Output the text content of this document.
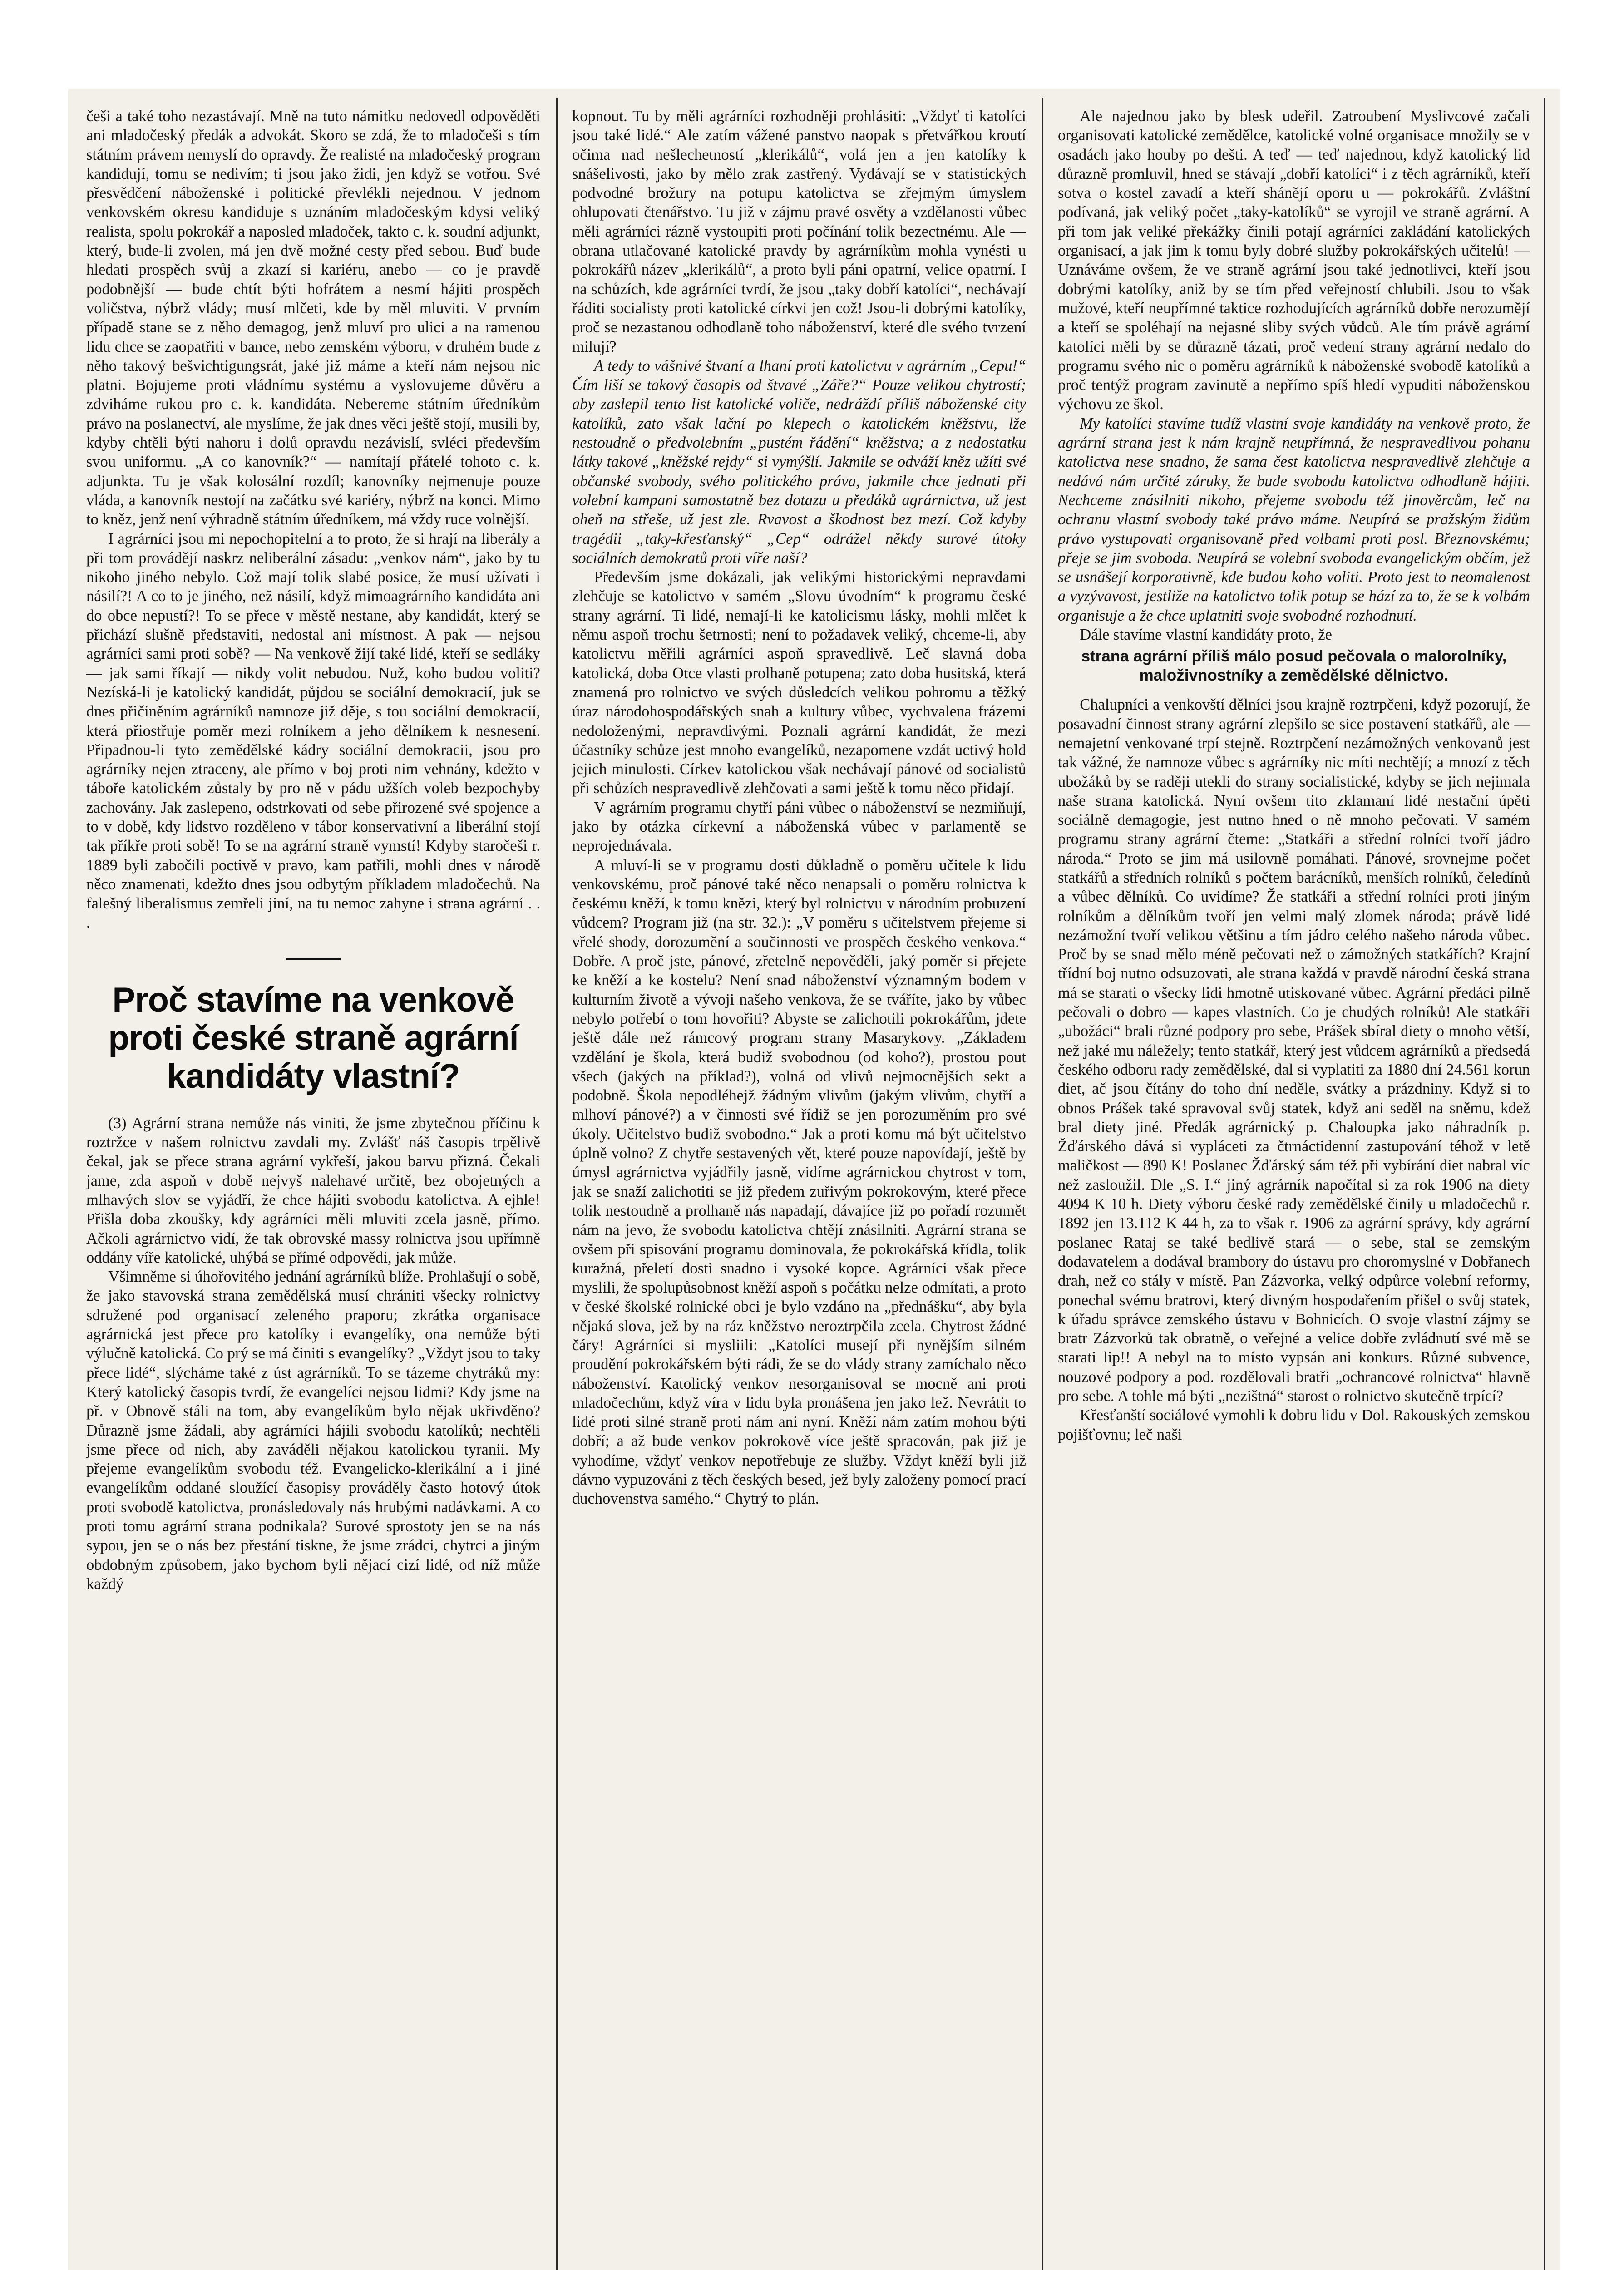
češi a také toho nezastávají. Mně na tuto námitku nedovedl odpověděti ani mladočeský předák a advokát. Skoro se zdá, že to mladočeši s tím státním právem nemyslí do opravdy. Že realisté na mladočeský program kandidují, tomu se nedivím; ti jsou jako židi, jen když se votřou. Své přesvědčení náboženské i politické převlékli nejednou. V jednom venkovském okresu kandiduje s uznáním mladočeským kdysi veliký realista, spolu pokrokář a naposled mladoček, takto c. k. soudní adjunkt, který, bude-li zvolen, má jen dvě možné cesty před sebou. Buď bude hledati prospěch svůj a zkazí si kariéru, anebo — co je pravdě podobnější — bude chtít býti hofrátem a nesmí hájiti prospěch voličstva, nýbrž vlády; musí mlčeti, kde by měl mluviti. V prvním případě stane se z něho demagog, jenž mluví pro ulici a na ramenou lidu chce se zaopatřiti v bance, nebo zemském výboru, v druhém bude z něho takový bešvichtigungsrát, jaké již máme a kteří nám nejsou nic platni. Bojujeme proti vládnímu systému a vyslovujeme důvěru a zdviháme rukou pro c. k. kandidáta. Nebereme státním úředníkům právo na poslanectví, ale myslíme, že jak dnes věci ještě stojí, musili by, kdyby chtěli býti nahoru i dolů opravdu nezávislí, svléci především svou uniformu. „A co kanovník?“ — namítají přátelé tohoto c. k. adjunkta. Tu je však kolosální rozdíl; kanovníky nejmenuje pouze vláda, a kanovník nestojí na začátku své kariéry, nýbrž na konci. Mimo to kněz, jenž není výhradně státním úředníkem, má vždy ruce volnější.

I agrárníci jsou mi nepochopitelní a to proto, že si hrají na liberály a při tom provádějí naskrz neliberální zásadu: „venkov nám“, jako by tu nikoho jiného nebylo. Což mají tolik slabé posice, že musí užívati i násilí?! A co to je jiného, než násilí, když mimoagrárního kandidáta ani do obce nepustí?! To se přece v městě nestane, aby kandidát, který se přichází slušně představiti, nedostal ani místnost. A pak — nejsou agrárníci sami proti sobě? — Na venkově žijí také lidé, kteří se sedláky — jak sami říkají — nikdy volit nebudou. Nuž, koho budou voliti? Nezíská-li je katolický kandidát, půjdou se sociální demokracií, juk se dnes přičiněním agrárníků namnoze již děje, s tou sociální demokracií, která přiostřuje poměr mezi rolníkem a jeho dělníkem k nesnesení. Připadnou-li tyto zemědělské kádry sociální demokracii, jsou pro agrárníky nejen ztraceny, ale přímo v boj proti nim vehnány, kdežto v táboře katolickém zůstaly by pro ně v pádu užších voleb bezpochyby zachovány. Jak zaslepeno, odstrkovati od sebe přirozené své spojence a to v době, kdy lidstvo rozděleno v tábor konservativní a liberální stojí tak příkře proti sobě! To se na agrární straně vymstí! Kdyby staročeši r. 1889 byli zabočili poctivě v pravo, kam patřili, mohli dnes v národě něco znamenati, kdežto dnes jsou odbytým příkladem mladočechů. Na falešný liberalismus zemřeli jiní, na tu nemoc zahyne i strana agrární . . .

Proč stavíme na venkově proti české straně agrární kandidáty vlastní?

(3) Agrární strana nemůže nás viniti, že jsme zbytečnou příčinu k roztržce v našem rolnictvu zavdali my. Zvlášť náš časopis trpělivě čekal, jak se přece strana agrární vykřeší, jakou barvu přizná. Čekali jame, zda aspoň v době nejvyš nalehavé určitě, bez obojetných a mlhavých slov se vyjádří, že chce hájiti svobodu katolictva. A ejhle! Přišla doba zkoušky, kdy agrárníci měli mluviti zcela jasně, přímo. Ačkoli agrárnictvo vidí, že tak obrovské massy rolnictva jsou upřímně oddány víře katolické, uhýbá se přímé odpovědi, jak může.

Všimněme si úhořovitého jednání agrárníků blíže. Prohlašují o sobě, že jako stavovská strana zemědělská musí chrániti všecky rolnictvy sdružené pod organisací zeleného praporu; zkrátka organisace agrárnická jest přece pro katolíky i evangelíky, ona nemůže býti výlučně katolická. Co prý se má činiti s evangelíky? „Vždyt jsou to taky přece lidé“, slýcháme také z úst agrárníků. To se tázeme chytráků my: Který katolický časopis tvrdí, že evangelíci nejsou lidmi? Kdy jsme na př. v Obnově stáli na tom, aby evangelíkům bylo nějak ukřivděno? Důrazně jsme žádali, aby agrárníci hájili svobodu katolíků; nechtěli jsme přece od nich, aby zaváděli nějakou katolickou tyranii. My přejeme evangelíkům svobodu též. Evangelicko-klerikální a i jiné evangelíkům oddané sloužící časopisy prováděly často hotový útok proti svobodě katolictva, pronásledovaly nás hrubými nadávkami. A co proti tomu agrární strana podnikala? Surové sprostoty jen se na nás sypou, jen se o nás bez přestání tiskne, že jsme zrádci, chytrci a jiným obdobným způsobem, jako bychom byli nějací cizí lidé, od níž může každý

kopnout. Tu by měli agrárníci rozhodněji prohlásiti: „Vždyť ti katolíci jsou také lidé.“ Ale zatím vážené panstvo naopak s přetvářkou kroutí očima nad nešlechetností „klerikálů“, volá jen a jen katolíky k snášelivosti, jako by mělo zrak zastřený. Vydávají se v statistických podvodné brožury na potupu katolictva se zřejmým úmyslem ohlupovati čtenářstvo. Tu již v zájmu pravé osvěty a vzdělanosti vůbec měli agrárníci rázně vystoupiti proti počínání tolik bezectnému. Ale — obrana utlačované katolické pravdy by agrárníkům mohla vynésti u pokrokářů název „klerikálů“, a proto byli páni opatrní, velice opatrní. I na schůzích, kde agrárníci tvrdí, že jsou „taky dobří katolíci“, nechávají řáditi socialisty proti katolické církvi jen což! Jsou-li dobrými katolíky, proč se nezastanou odhodlaně toho náboženství, které dle svého tvrzení milují?

A tedy to vášnivé štvaní a lhaní proti katolictvu v agrárním „Cepu!“ Čím liší se takový časopis od štvavé „Záře?“ Pouze velikou chytrostí; aby zaslepil tento list katolické voliče, nedráždí příliš náboženské city katolíků, zato však lační po klepech o katolickém kněžstvu, lže nestoudně o předvolebním „pustém řádění“ kněžstva; a z nedostatku látky takové „kněžské rejdy“ si vymýšlí. Jakmile se odváží kněz užíti své občanské svobody, svého politického práva, jakmile chce jednati při volební kampani samostatně bez dotazu u předáků agrárnictva, už jest oheň na střeše, už jest zle. Rvavost a škodnost bez mezí. Což kdyby tragédii „taky-křesťanský“ „Cep“ odrážel někdy surové útoky sociálních demokratů proti víře naší?

Především jsme dokázali, jak velikými historickými nepravdami zlehčuje se katolictvo v samém „Slovu úvodním“ k programu české strany agrární. Ti lidé, nemají-li ke katolicismu lásky, mohli mlčet k němu aspoň trochu šetrnosti; není to požadavek veliký, chceme-li, aby katolictvu měřili agrárníci aspoň spravedlivě. Leč slavná doba katolická, doba Otce vlasti prolhaně potupena; zato doba husitská, která znamená pro rolnictvo ve svých důsledcích velikou pohromu a těžký úraz národohospodářských snah a kultury vůbec, vychvalena frázemi nedoloženými, nepravdivými. Poznali agrární kandidát, že mezi účastníky schůze jest mnoho evangelíků, nezapomene vzdát uctivý hold jejich minulosti. Církev katolickou však nechávají pánové od socialistů při schůzích nespravedlivě zlehčovati a sami ještě k tomu něco přidají.

V agrárním programu chytří páni vůbec o náboženství se nezmiňují, jako by otázka církevní a náboženská vůbec v parlamentě se neprojednávala.

A mluví-li se v programu dosti důkladně o poměru učitele k lidu venkovskému, proč pánové také něco nenapsali o poměru rolnictva k českému kněží, k tomu knězi, který byl rolnictvu v národním probuzení vůdcem? Program již (na str. 32.): „V poměru s učitelstvem přejeme si vřelé shody, dorozumění a součinnosti ve prospěch českého venkova.“ Dobře. A proč jste, pánové, zřetelně nepověděli, jaký poměr si přejete ke kněží a ke kostelu? Není snad náboženství významným bodem v kulturním životě a vývoji našeho venkova, že se tváříte, jako by vůbec nebylo potřebí o tom hovořiti? Abyste se zalichotili pokrokářům, jdete ještě dále než rámcový program strany Masarykovy. „Základem vzdělání je škola, která budiž svobodnou (od koho?), prostou pout všech (jakých na příklad?), volná od vlivů nejmocnějších sekt a podobně. Škola nepodléhejž žádným vlivům (jakým vlivům, chytří a mlhoví pánové?) a v činnosti své řídiž se jen porozuměním pro své úkoly. Učitelstvo budiž svobodno.“ Jak a proti komu má být učitelstvo úplně volno? Z chytře sestavených vět, které pouze napovídají, ještě by úmysl agrárnictva vyjádřily jasně, vidíme agrárnickou chytrost v tom, jak se snaží zalichotiti se již předem zuřivým pokrokovým, které přece tolik nestoudně a prolhaně nás napadají, dávajíce již po pořadí rozumět nám na jevo, že svobodu katolictva chtějí znásilniti. Agrární strana se ovšem při spisování programu dominovala, že pokrokářská křídla, tolik kuražná, přeletí dosti snadno i vysoké kopce. Agrárníci však přece myslili, že spolupůsobnost kněží aspoň s počátku nelze odmítati, a proto v české školské rolnické obci je bylo vzdáno na „přednášku“, aby byla nějaká slova, jež by na ráz kněžstvo neroztrpčila zcela. Chytrost žádné čáry! Agrárníci si mysliili: „Katolíci musejí při nynějším silném proudění pokrokářském býti rádi, že se do vlády strany zamíchalo něco náboženství. Katolický venkov nesorganisoval se mocně ani proti mladočechům, když víra v lidu byla pronášena jen jako lež. Nevrátit to lidé proti silné straně proti nám ani nyní. Kněží nám zatím mohou býti dobří; a až bude venkov pokrokově více ještě spracován, pak již je vyhodíme, vždyť venkov nepotřebuje ze služby. Vždyt kněží byli již dávno vypuzováni z těch českých besed, jež byly založeny pomocí prací duchovenstva samého.“ Chytrý to plán.

Ale najednou jako by blesk udeřil. Zatroubení Myslivcové začali organisovati katolické zemědělce, katolické volné organisace množily se v osadách jako houby po dešti. A teď — teď najednou, když katolický lid důrazně promluvil, hned se stávají „dobří katolíci“ i z těch agrárníků, kteří sotva o kostel zavadí a kteří shánějí oporu u — pokrokářů. Zvláštní podívaná, jak veliký počet „taky-katolíků“ se vyrojil ve straně agrární. A při tom jak veliké překážky činili potají agrárníci zakládání katolických organisací, a jak jim k tomu byly dobré služby pokrokářských učitelů! — Uznáváme ovšem, že ve straně agrární jsou také jednotlivci, kteří jsou dobrými katolíky, aniž by se tím před veřejností chlubili. Jsou to však mužové, kteří neupřímné taktice rozhodujících agrárníků dobře nerozumějí a kteří se spoléhají na nejasné sliby svých vůdců. Ale tím právě agrární katolíci měli by se důrazně tázati, proč vedení strany agrární nedalo do programu svého nic o poměru agrárníků k náboženské svobodě katolíků a proč tentýž program zavinutě a nepřímo spíš hledí vypuditi náboženskou výchovu ze škol.

My katolíci stavíme tudíž vlastní svoje kandidáty na venkově proto, že agrární strana jest k nám krajně neupřímná, že nespravedlivou pohanu katolictva nese snadno, že sama čest katolictva nespravedlivě zlehčuje a nedává nám určité záruky, že bude svobodu katolictva odhodlaně hájiti. Nechceme znásilniti nikoho, přejeme svobodu též jinověrcům, leč na ochranu vlastní svobody také právo máme. Neupírá se pražským židům právo vystupovati organisovaně před volbami proti posl. Březnovskému; přeje se jim svoboda. Neupírá se volební svoboda evangelickým občím, jež se usnášejí korporativně, kde budou koho voliti. Proto jest to neomalenost a vyzývavost, jestliže na katolictvo tolik potup se hází za to, že se k volbám organisuje a že chce uplatniti svoje svobodné rozhodnutí.

Dále stavíme vlastní kandidáty proto, že

strana agrární příliš málo posud pečovala o malorolníky, maloživnostníky a zemědělské dělnictvo.

Chalupníci a venkovští dělníci jsou krajně roztrpčeni, když pozorují, že posavadní činnost strany agrární zlepšilo se sice postavení statkářů, ale — nemajetní venkované trpí stejně. Roztrpčení nezámožných venkovanů jest tak vážné, že namnoze vůbec s agrárníky nic míti nechtějí; a mnozí z těch ubožáků by se raději utekli do strany socialistické, kdyby se jich nejimala naše strana katolická. Nyní ovšem tito zklamaní lidé nestační úpěti sociálně demagogie, jest nutno hned o ně mnoho pečovati. V samém programu strany agrární čteme: „Statkáři a střední rolníci tvoří jádro národa.“ Proto se jim má usilovně pomáhati. Pánové, srovnejme počet statkářů a středních rolníků s počtem barácníků, menších rolníků, čeledínů a vůbec dělníků. Co uvidíme? Že statkáři a střední rolníci proti jiným rolníkům a dělníkům tvoří jen velmi malý zlomek národa; právě lidé nezámožní tvoří velikou většinu a tím jádro celého našeho národa vůbec. Proč by se snad mělo méně pečovati než o zámožných statkářích? Krajní třídní boj nutno odsuzovati, ale strana každá v pravdě národní česká strana má se starati o všecky lidi hmotně utiskované vůbec. Agrární předáci pilně pečovali o dobro — kapes vlastních. Co je chudých rolníků! Ale statkáři „ubožáci“ brali různé podpory pro sebe, Prášek sbíral diety o mnoho větší, než jaké mu náležely; tento statkář, který jest vůdcem agrárníků a předsedá českého odboru rady zemědělské, dal si vyplatiti za 1880 dní 24.561 korun diet, ač jsou čítány do toho dní neděle, svátky a prázdniny. Když si to obnos Prášek také spravoval svůj statek, když ani seděl na sněmu, kdež bral diety jiné. Předák agrárnický p. Chaloupka jako náhradník p. Žďárského dává si vypláceti za čtrnáctidenní zastupování téhož v letě maličkost — 890 K! Poslanec Žďárský sám též při vybírání diet nabral víc než zasloužil. Dle „S. I.“ jiný agrárník napočítal si za rok 1906 na diety 4094 K 10 h. Diety výboru české rady zemědělské činily u mladočechů r. 1892 jen 13.112 K 44 h, za to však r. 1906 za agrární správy, kdy agrární poslanec Rataj se také bedlivě stará — o sebe, stal se zemským dodavatelem a dodával brambory do ústavu pro choromyslné v Dobřanech drah, než co stály v místě. Pan Zázvorka, velký odpůrce volební reformy, ponechal svému bratrovi, který divným hospodařením přišel o svůj statek, k úřadu správce zemského ústavu v Bohnicích. O svoje vlastní zájmy se bratr Zázvorků tak obratně, o veřejné a velice dobře zvládnutí své mě se starati lip!! A nebyl na to místo vypsán ani konkurs. Různé subvence, nouzové podpory a pod. rozdělovali bratři „ochrancové rolnictva“ hlavně pro sebe. A tohle má býti „nezištná“ starost o rolnictvo skutečně trpící?

Křesťanští sociálové vymohli k dobru lidu v Dol. Rakouských zemskou pojišťovnu; leč naši
